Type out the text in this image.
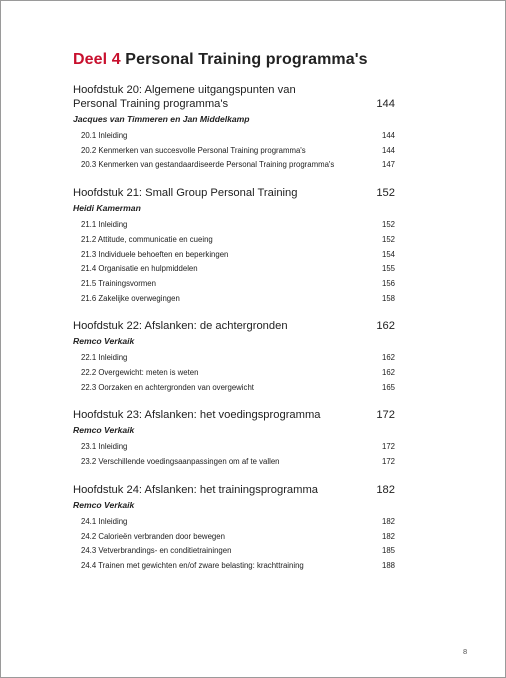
Deel 4 Personal Training programma's
Hoofdstuk 20: Algemene uitgangspunten van
Personal Training programma's	144
Jacques van Timmeren en Jan Middelkamp
20.1 Inleiding	144
20.2 Kenmerken van succesvolle Personal Training programma's	144
20.3 Kenmerken van gestandaardiseerde Personal Training programma's	147
Hoofdstuk 21: Small Group Personal Training	152
Heidi Kamerman
21.1 Inleiding	152
21.2 Attitude, communicatie en cueing	152
21.3 Individuele behoeften en beperkingen	154
21.4 Organisatie en hulpmiddelen	155
21.5 Trainingsvormen	156
21.6 Zakelijke overwegingen	158
Hoofdstuk 22: Afslanken: de achtergronden	162
Remco Verkaik
22.1 Inleiding	162
22.2 Overgewicht: meten is weten	162
22.3 Oorzaken en achtergronden van overgewicht	165
Hoofdstuk 23: Afslanken: het voedingsprogramma	172
Remco Verkaik
23.1 Inleiding	172
23.2 Verschillende voedingsaanpassingen om af te vallen	172
Hoofdstuk 24: Afslanken: het trainingsprogramma	182
Remco Verkaik
24.1 Inleiding	182
24.2 Calorieën verbranden door bewegen	182
24.3 Vetverbrandings- en conditietrainingen	185
24.4 Trainen met gewichten en/of zware belasting: krachttraining	188
8
